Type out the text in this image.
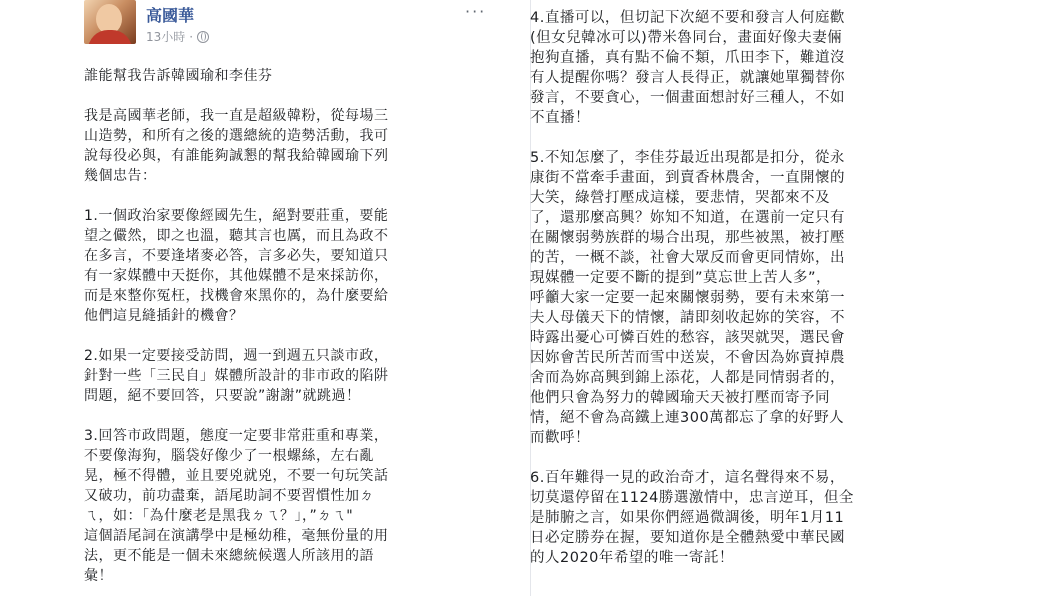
高國華
13小時 ·
···

誰能幫我告訴韓國瑜和李佳芬

我是高國華老師，我一直是超級韓粉，從每場三
山造勢，和所有之後的選總統的造勢活動，我可
說每役必與，有誰能夠誠懇的幫我給韓國瑜下列
幾個忠告：

1.一個政治家要像經國先生，絕對要莊重，要能
望之儼然，即之也溫，聽其言也厲，而且為政不
在多言，不要逢堵麥必答，言多必失，要知道只
有一家媒體中天挺你，其他媒體不是來採訪你，
而是來整你冤枉，找機會來黑你的，為什麼要給
他們這見縫插針的機會？

2.如果一定要接受訪問，週一到週五只談市政，
針對一些「三民自」媒體所設計的非市政的陷阱
問題，絕不要回答，只要說”謝謝”就跳過！

3.回答市政問題，態度一定要非常莊重和專業，
不要像海狗，腦袋好像少了一根螺絲，左右亂
晃，極不得體，並且要兇就兇，不要一句玩笑話
又破功，前功盡棄，語尾助詞不要習慣性加ㄉ
ㄟ，如：「為什麼老是黑我ㄉㄟ？」，”ㄉㄟ"
這個語尾詞在演講學中是極幼稚，毫無份量的用
法，更不能是一個未來總統候選人所該用的語
彙！

4.直播可以，但切記下次絕不要和發言人何庭歡
(但女兒韓冰可以)帶米魯同台，畫面好像夫妻倆
抱狗直播，真有點不倫不類，爪田李下，難道沒
有人提醒你嗎？發言人長得正，就讓她單獨替你
發言，不要貪心，一個畫面想討好三種人，不如
不直播！

5.不知怎麼了，李佳芬最近出現都是扣分，從永
康街不當牽手畫面，到賣香林農舍，一直開懷的
大笑，綠營打壓成這樣，要悲情，哭都來不及
了，還那麼高興？妳知不知道，在選前一定只有
在關懷弱勢族群的場合出現，那些被黑，被打壓
的苦，一概不談，社會大眾反而會更同情妳，出
現媒體一定要不斷的提到”莫忘世上苦人多”，
呼籲大家一定要一起來關懷弱勢，要有未來第一
夫人母儀天下的情懷，請即刻收起妳的笑容，不
時露出憂心可憐百姓的愁容，該哭就哭，選民會
因妳會苦民所苦而雪中送炭，不會因為妳賣掉農
舍而為妳高興到錦上添花，人都是同情弱者的，
他們只會為努力的韓國瑜天天被打壓而寄予同
情，絕不會為高鐵上連300萬都忘了拿的好野人
而歡呼！

6.百年難得一見的政治奇才，這名聲得來不易，
切莫還停留在1124勝選激情中，忠言逆耳，但全
是肺腑之言，如果你們經過微調後，明年1月11
日必定勝券在握，要知道你是全體熱愛中華民國
的人2020年希望的唯一寄託！
